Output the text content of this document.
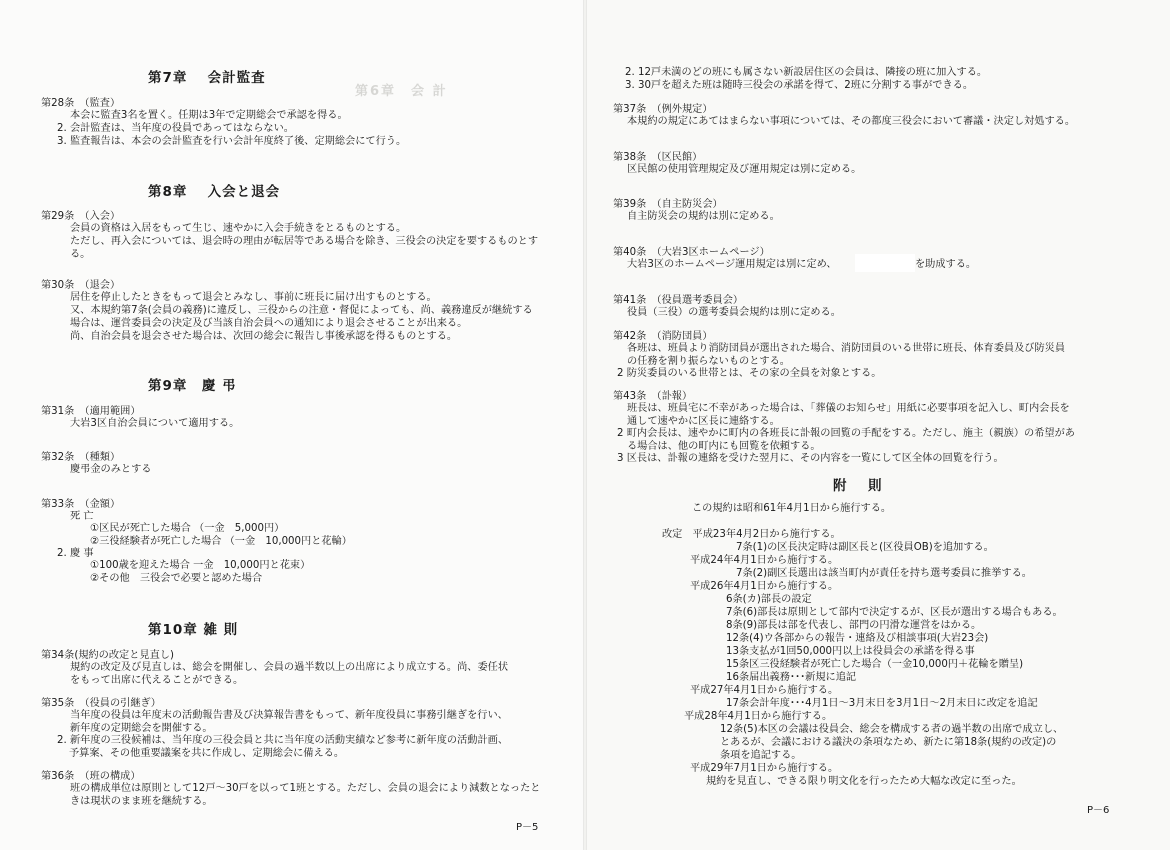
第6章　会 計
第7章　 会計監査
第28条　（監査）
本会に監査3名を置く。任期は3年で定期総会で承認を得る。
2. 会計監査は、当年度の役員であってはならない。
3. 監査報告は、本会の会計監査を行い会計年度終了後、定期総会にて行う。
第8章　 入会と退会
第29条　（入会）
会員の資格は入居をもって生じ、速やかに入会手続きをとるものとする。
ただし、再入会については、退会時の理由が転居等である場合を除き、三役会の決定を要するものとす
る。
第30条　（退会）
居住を停止したときをもって退会とみなし、事前に班長に届け出すものとする。
又、本規約第7条(会員の義務)に違反し、三役からの注意・督促によっても、尚、義務違反が継続する
場合は、運営委員会の決定及び当該自治会員への通知により退会させることが出来る。
尚、自治会員を退会させた場合は、次回の総会に報告し事後承認を得るものとする。
第9章　慶 弔
第31条　（適用範囲）
大岩3区自治会員について適用する。
第32条　（種類）
慶弔金のみとする
第33条　（金額）
死 亡
①区民が死亡した場合 （一金　5,000円）
②三役経験者が死亡した場合 （一金　10,000円と花輪）
2. 慶 事
①100歳を迎えた場合 一金　10,000円と花束）
②その他　三役会で必要と認めた場合
第10章 雑 則
第34条(規約の改定と見直し)
規約の改定及び見直しは、総会を開催し、会員の過半数以上の出席により成立する。尚、委任状
をもって出席に代えることができる。
第35条　（役員の引継ぎ）
当年度の役員は年度末の活動報告書及び決算報告書をもって、新年度役員に事務引継ぎを行い、
新年度の定期総会を開催する。
2. 新年度の三役候補は、当年度の三役会員と共に当年度の活動実績など参考に新年度の活動計画、
予算案、その他重要議案を共に作成し、定期総会に備える。
第36条　（班の構成）
班の構成単位は原則として12戸～30戸を以って1班とする。ただし、会員の退会により減数となったと
きは現状のまま班を継続する。
P－5
2. 12戸未満のどの班にも属さない新設居住区の会員は、隣接の班に加入する。
3. 30戸を超えた班は随時三役会の承諾を得て、2班に分割する事ができる。
第37条　（例外規定）
本規約の規定にあてはまらない事項については、その都度三役会において審議・決定し対処する。
第38条　（区民館）
区民館の使用管理規定及び運用規定は別に定める。
第39条　（自主防災会）
自主防災会の規約は別に定める。
第40条　（大岩3区ホームページ）
大岩3区のホームページ運用規定は別に定め、	を助成する。
第41条　（役員選考委員会）
役員（三役）の選考委員会規約は別に定める。
第42条　（消防団員）
各班は、班員より消防団員が選出された場合、消防団員のいる世帯に班長、体育委員及び防災員
の任務を割り振らないものとする。
2 防災委員のいる世帯とは、その家の全員を対象とする。
第43条　（訃報）
班長は、班員宅に不幸があった場合は、「葬儀のお知らせ」用紙に必要事項を記入し、町内会長を
通して速やかに区長に連絡する。
2 町内会長は、速やかに町内の各班長に訃報の回覧の手配をする。ただし、施主（親族）の希望があ
る場合は、他の町内にも回覧を依頼する。
3 区長は、訃報の連絡を受けた翌月に、その内容を一覧にして区全体の回覧を行う。
附　則
この規約は昭和61年4月1日から施行する。
改定　平成23年4月2日から施行する。
7条(1)の区長決定時は副区長と(区役員OB)を追加する。
平成24年4月1日から施行する。
7条(2)副区長選出は該当町内が責任を持ち選考委員に推挙する。
平成26年4月1日から施行する。
6条(カ)部長の設定
7条(6)部長は原則として部内で決定するが、区長が選出する場合もある。
8条(9)部長は部を代表し、部門の円滑な運営をはかる。
12条(4)ウ各部からの報告・連絡及び相談事項(大岩23会)
13条支払が1回50,000円以上は役員会の承諾を得る事
15条区三役経験者が死亡した場合（一金10,000円＋花輪を贈呈)
16条届出義務･･･新規に追記
平成27年4月1日から施行する。
17条会計年度･･･4月1日～3月末日を3月1日～2月末日に改定を追記
平成28年4月1日から施行する。
12条(5)本区の会議は役員会、総会を構成する者の過半数の出席で成立し、
とあるが、会議における議決の条項なため、新たに第18条(規約の改定)の
条項を追記する。
平成29年7月1日から施行する。
規約を見直し、できる限り明文化を行ったため大幅な改定に至った。
P－6
